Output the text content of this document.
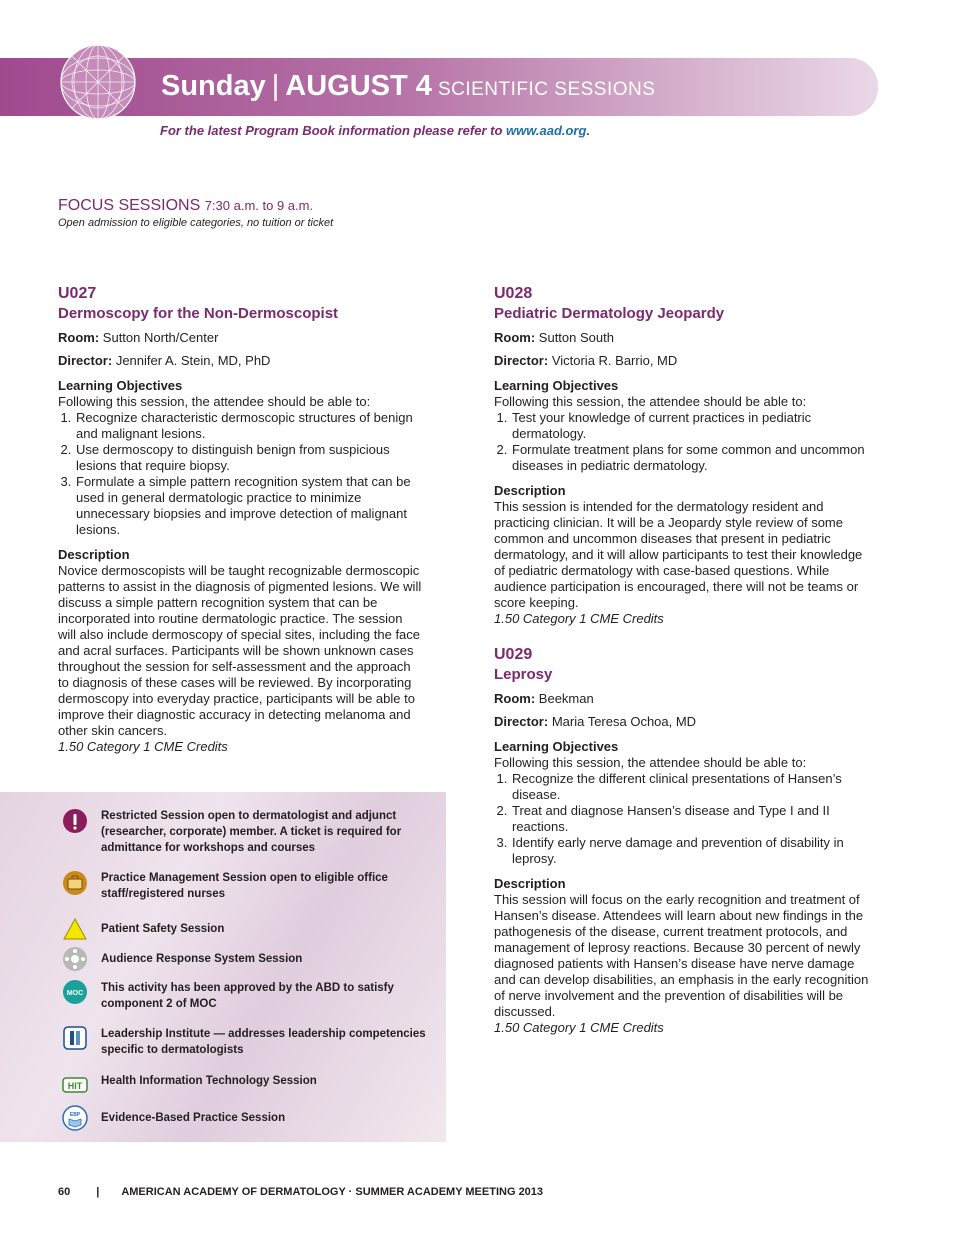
Sunday | AUGUST 4 SCIENTIFIC SESSIONS
For the latest Program Book information please refer to www.aad.org.
FOCUS SESSIONS 7:30 a.m. to 9 a.m.
Open admission to eligible categories, no tuition or ticket
U027
Dermoscopy for the Non-Dermoscopist
Room: Sutton North/Center
Director: Jennifer A. Stein, MD, PhD
Learning Objectives
Following this session, the attendee should be able to:
1. Recognize characteristic dermoscopic structures of benign and malignant lesions.
2. Use dermoscopy to distinguish benign from suspicious lesions that require biopsy.
3. Formulate a simple pattern recognition system that can be used in general dermatologic practice to minimize unnecessary biopsies and improve detection of malignant lesions.
Description
Novice dermoscopists will be taught recognizable dermoscopic patterns to assist in the diagnosis of pigmented lesions. We will discuss a simple pattern recognition system that can be incorporated into routine dermatologic practice. The session will also include dermoscopy of special sites, including the face and acral surfaces. Participants will be shown unknown cases throughout the session for self-assessment and the approach to diagnosis of these cases will be reviewed. By incorporating dermoscopy into everyday practice, participants will be able to improve their diagnostic accuracy in detecting melanoma and other skin cancers.
1.50 Category 1 CME Credits
U028
Pediatric Dermatology Jeopardy
Room: Sutton South
Director: Victoria R. Barrio, MD
Learning Objectives
Following this session, the attendee should be able to:
1. Test your knowledge of current practices in pediatric dermatology.
2. Formulate treatment plans for some common and uncommon diseases in pediatric dermatology.
Description
This session is intended for the dermatology resident and practicing clinician. It will be a Jeopardy style review of some common and uncommon diseases that present in pediatric dermatology, and it will allow participants to test their knowledge of pediatric dermatology with case-based questions. While audience participation is encouraged, there will not be teams or score keeping.
1.50 Category 1 CME Credits
U029
Leprosy
Room: Beekman
Director: Maria Teresa Ochoa, MD
Learning Objectives
Following this session, the attendee should be able to:
1. Recognize the different clinical presentations of Hansen’s disease.
2. Treat and diagnose Hansen’s disease and Type I and II reactions.
3. Identify early nerve damage and prevention of disability in leprosy.
Description
This session will focus on the early recognition and treatment of Hansen’s disease. Attendees will learn about new findings in the pathogenesis of the disease, current treatment protocols, and management of leprosy reactions. Because 30 percent of newly diagnosed patients with Hansen’s disease have nerve damage and can develop disabilities, an emphasis in the early recognition of nerve involvement and the prevention of disabilities will be discussed.
1.50 Category 1 CME Credits
Restricted Session open to dermatologist and adjunct (researcher, corporate) member. A ticket is required for admittance for workshops and courses
Practice Management Session open to eligible office staff/registered nurses
Patient Safety Session
Audience Response System Session
MOC This activity has been approved by the ABD to satisfy component 2 of MOC
Leadership Institute — addresses leadership competencies specific to dermatologists
HIT Health Information Technology Session
EBP Evidence-Based Practice Session
60 | AMERICAN ACADEMY OF DERMATOLOGY · SUMMER ACADEMY MEETING 2013
